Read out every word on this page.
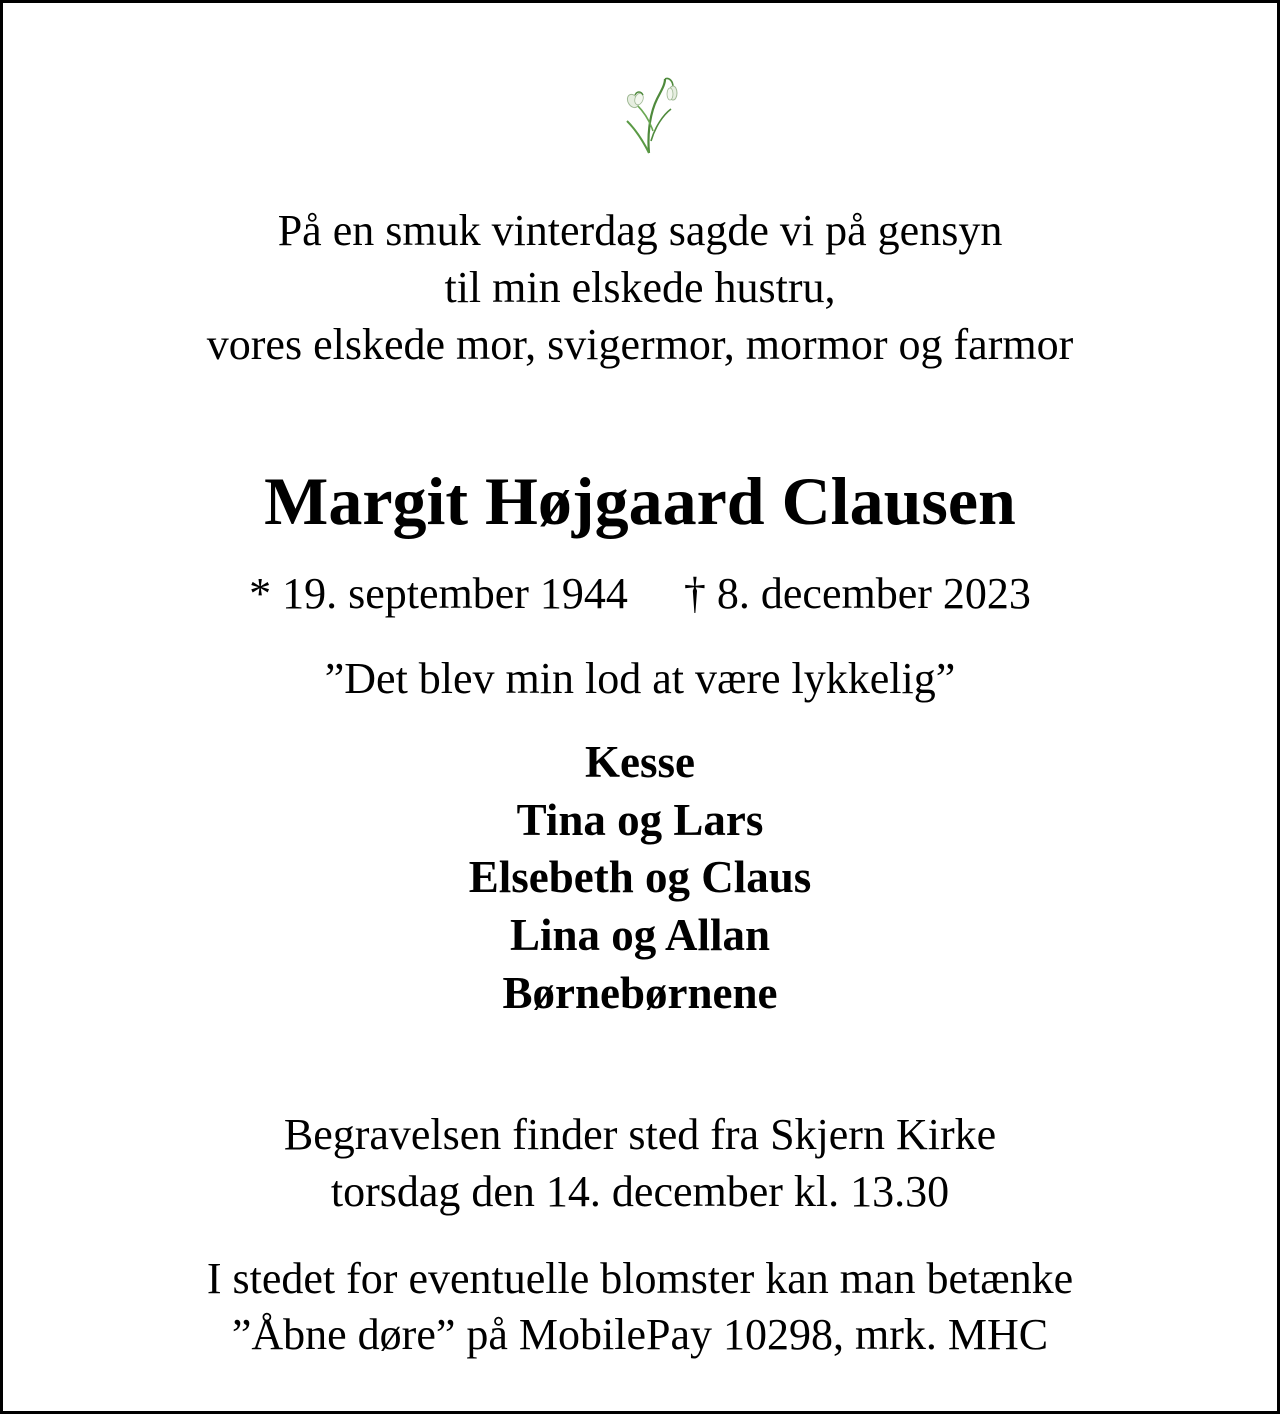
På en smuk vinterdag sagde vi på gensyn
til min elskede hustru,
vores elskede mor, svigermor, mormor og farmor
Margit Højgaard Clausen
* 19. september 1944 † 8. december 2023
”Det blev min lod at være lykkelig”
Kesse
Tina og Lars
Elsebeth og Claus
Lina og Allan
Børnebørnene
Begravelsen finder sted fra Skjern Kirke
torsdag den 14. december kl. 13.30
I stedet for eventuelle blomster kan man betænke
”Åbne døre” på MobilePay 10298, mrk. MHC
